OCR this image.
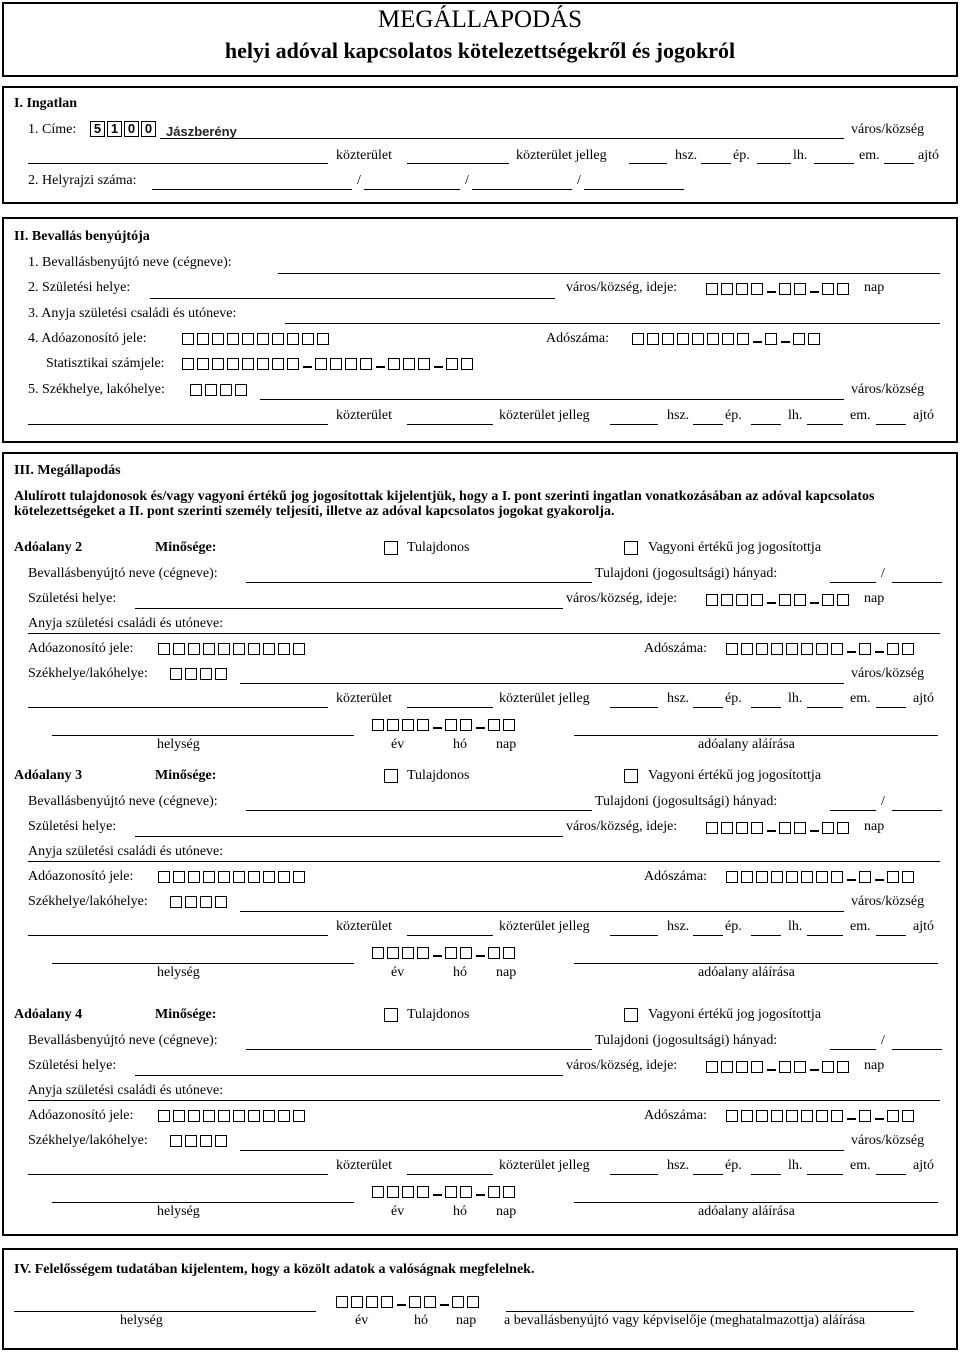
MEGÁLLAPODÁS
helyi adóval kapcsolatos kötelezettségekről és jogokról
I. Ingatlan
1. Címe: 5 1 0 0	Jászberény	város/község
közterület	közterület jelleg	hsz.	ép.	lh.	em.	ajtó
2. Helyrajzi száma:	/	/	/
II. Bevallás benyújtója
1. Bevallásbenyújtó neve (cégneve):
2. Születési helye:	város/község, ideje:	nap
3. Anyja születési családi és utóneve:
4. Adóazonosító jele:	Adószáma:
Statisztikai számjele:
5. Székhelye, lakóhelye:	város/község
közterület	közterület jelleg	hsz.	ép.	lh.	em.	ajtó
III. Megállapodás
Alulírott tulajdonosok és/vagy vagyoni értékű jog jogosítottak kijelentjük, hogy a I. pont szerinti ingatlan vonatkozásában az adóval kapcsolatos kötelezettségeket a II. pont szerinti személy teljesíti, illetve az adóval kapcsolatos jogokat gyakorolja.
Adóalany 2	Minősége:	Tulajdonos	Vagyoni értékű jog jogosítottja
Bevallásbenyújtó neve (cégneve):	Tulajdoni (jogosultsági) hányad:	/
Születési helye:	város/község, ideje:	nap
Anyja születési családi és utóneve:
Adóazonosító jele:	Adószáma:
Székhelye/lakóhelye:	város/község
közterület	közterület jelleg	hsz.	ép.	lh.	em.	ajtó
helység	év	hó nap	adóalany aláírása
Adóalany 3	Minősége:	Tulajdonos	Vagyoni értékű jog jogosítottja
Bevallásbenyújtó neve (cégneve):	Tulajdoni (jogosultsági) hányad:	/
Születési helye:	város/község, ideje:	nap
Anyja születési családi és utóneve:
Adóazonosító jele:	Adószáma:
Székhelye/lakóhelye:	város/község
közterület	közterület jelleg	hsz.	ép.	lh.	em.	ajtó
helység	év	hó nap	adóalany aláírása
Adóalany 4	Minősége:	Tulajdonos	Vagyoni értékű jog jogosítottja
Bevallásbenyújtó neve (cégneve):	Tulajdoni (jogosultsági) hányad:	/
Születési helye:	város/község, ideje:	nap
Anyja születési családi és utóneve:
Adóazonosító jele:	Adószáma:
Székhelye/lakóhelye:	város/község
közterület	közterület jelleg	hsz.	ép.	lh.	em.	ajtó
helység	év	hó nap	adóalany aláírása
IV. Felelősségem tudatában kijelentem, hogy a közölt adatok a valóságnak megfelelnek.
helység	év	hó nap a bevallásbenyújtó vagy képviselője (meghatalmazottja) aláírása
